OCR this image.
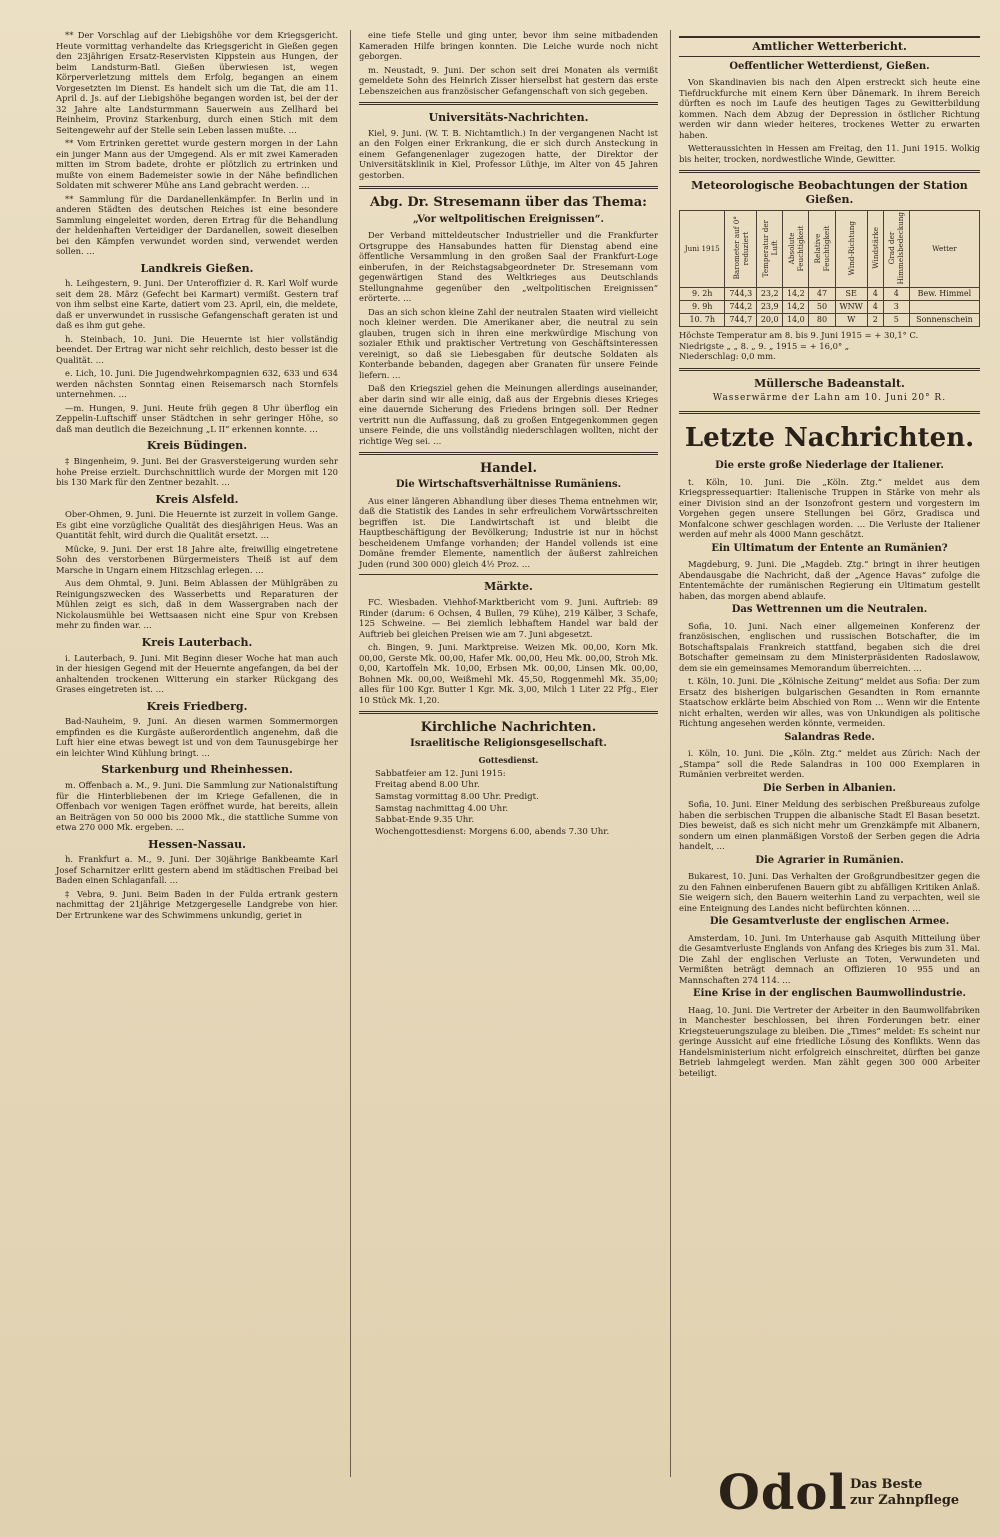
** Der Vorschlag auf der Liebigshöhe vor dem Kriegsgericht. Heute vormittag verhandelte das Kriegsgericht in Gießen gegen den 23jährigen Ersatz-Reservisten Kippstein aus Hungen, der beim Landsturm-Batl. Gießen überwiesen ist, wegen Körperverletzung mittels dem Erfolg, begangen an einem Vorgesetzten im Dienst. Es handelt sich um die Tat, die am 11. April d. Js. auf der Liebigshöhe begangen worden ist, bei der der 32 Jahre alte Landsturmmann Sauerwein aus Zellhard bei Reinheim, Provinz Starkenburg, durch einen Stich mit dem Seitengewehr auf der Stelle sein Leben lassen mußte. …

** Vom Ertrinken gerettet wurde gestern morgen in der Lahn ein junger Mann aus der Umgegend. Als er mit zwei Kameraden mitten im Strom badete, drohte er plötzlich zu ertrinken und mußte von einem Bademeister sowie in der Nähe befindlichen Soldaten mit schwerer Mühe ans Land gebracht werden. …

** Sammlung für die Dardanellenkämpfer. In Berlin und in anderen Städten des deutschen Reiches ist eine besondere Sammlung eingeleitet worden, deren Ertrag für die Behandlung der heldenhaften Verteidiger der Dardanellen, soweit dieselben bei den Kämpfen verwundet worden sind, verwendet werden sollen. …

Landkreis Gießen.

h. Leihgestern, 9. Juni. Der Unteroffizier d. R. Karl Wolf wurde seit dem 28. März (Gefecht bei Karmart) vermißt. Gestern traf von ihm selbst eine Karte, datiert vom 23. April, ein, die meldete, daß er unverwundet in russische Gefangenschaft geraten ist und daß es ihm gut gehe.

h. Steinbach, 10. Juni. Die Heuernte ist hier vollständig beendet. Der Ertrag war nicht sehr reichlich, desto besser ist die Qualität. …

e. Lich, 10. Juni. Die Jugendwehrkompagnien 632, 633 und 634 werden nächsten Sonntag einen Reisemarsch nach Stornfels unternehmen. …

—m. Hungen, 9. Juni. Heute früh gegen 8 Uhr überflog ein Zeppelin-Luftschiff unser Städtchen in sehr geringer Höhe, so daß man deutlich die Bezeichnung „L II“ erkennen konnte. …

Kreis Büdingen.

‡ Bingenheim, 9. Juni. Bei der Grasversteigerung wurden sehr hohe Preise erzielt. Durchschnittlich wurde der Morgen mit 120 bis 130 Mark für den Zentner bezahlt. …

Kreis Alsfeld.

Ober-Ohmen, 9. Juni. Die Heuernte ist zurzeit in vollem Gange. Es gibt eine vorzügliche Qualität des diesjährigen Heus. Was an Quantität fehlt, wird durch die Qualität ersetzt. …

Mücke, 9. Juni. Der erst 18 Jahre alte, freiwillig eingetretene Sohn des verstorbenen Bürgermeisters Theiß ist auf dem Marsche in Ungarn einem Hitzschlag erlegen. …

Aus dem Ohmtal, 9. Juni. Beim Ablassen der Mühlgräben zu Reinigungszwecken des Wasserbetts und Reparaturen der Mühlen zeigt es sich, daß in dem Wassergraben nach der Nickolausmühle bei Wettsaasen nicht eine Spur von Krebsen mehr zu finden war. …

Kreis Lauterbach.

i. Lauterbach, 9. Juni. Mit Beginn dieser Woche hat man auch in der hiesigen Gegend mit der Heuernte angefangen, da bei der anhaltenden trockenen Witterung ein starker Rückgang des Grases eingetreten ist. …

Kreis Friedberg.

Bad-Nauheim, 9. Juni. An diesen warmen Sommermorgen empfinden es die Kurgäste außerordentlich angenehm, daß die Luft hier eine etwas bewegt ist und von dem Taunusgebirge her ein leichter Wind Kühlung bringt. …

Starkenburg und Rheinhessen.

m. Offenbach a. M., 9. Juni. Die Sammlung zur Nationalstiftung für die Hinterbliebenen der im Kriege Gefallenen, die in Offenbach vor wenigen Tagen eröffnet wurde, hat bereits, allein an Beiträgen von 50 000 bis 2000 Mk., die stattliche Summe von etwa 270 000 Mk. ergeben. …

Hessen-Nassau.

h. Frankfurt a. M., 9. Juni. Der 30jährige Bankbeamte Karl Josef Scharnitzer erlitt gestern abend im städtischen Freibad bei Baden einen Schlaganfall. …

‡ Vebra, 9. Juni. Beim Baden in der Fulda ertrank gestern nachmittag der 21jährige Metzgergeselle Landgrebe von hier. Der Ertrunkene war des Schwimmens unkundig, geriet in

eine tiefe Stelle und ging unter, bevor ihm seine mitbadenden Kameraden Hilfe bringen konnten. Die Leiche wurde noch nicht geborgen.

m. Neustadt, 9. Juni. Der schon seit drei Monaten als vermißt gemeldete Sohn des Heinrich Zisser hierselbst hat gestern das erste Lebenszeichen aus französischer Gefangenschaft von sich gegeben.

Universitäts-Nachrichten.

Kiel, 9. Juni. (W. T. B. Nichtamtlich.) In der vergangenen Nacht ist an den Folgen einer Erkrankung, die er sich durch Ansteckung in einem Gefangenenlager zugezogen hatte, der Direktor der Universitätsklinik in Kiel, Professor Lüthje, im Alter von 45 Jahren gestorben.

Abg. Dr. Stresemann über das Thema:
„Vor weltpolitischen Ereignissen“.

Der Verband mitteldeutscher Industrieller und die Frankfurter Ortsgruppe des Hansabundes hatten für Dienstag abend eine öffentliche Versammlung in den großen Saal der Frankfurt-Loge einberufen, in der Reichstagsabgeordneter Dr. Stresemann vom gegenwärtigen Stand des Weltkrieges aus Deutschlands Stellungnahme gegenüber den „weltpolitischen Ereignissen“ erörterte. …

Das an sich schon kleine Zahl der neutralen Staaten wird vielleicht noch kleiner werden. Die Amerikaner aber, die neutral zu sein glauben, trugen sich in ihren eine merkwürdige Mischung von sozialer Ethik und praktischer Vertretung von Geschäftsinteressen vereinigt, so daß sie Liebesgaben für deutsche Soldaten als Konterbande bebanden, dagegen aber Granaten für unsere Feinde liefern. …

Daß den Kriegsziel gehen die Meinungen allerdings auseinander, aber darin sind wir alle einig, daß aus der Ergebnis dieses Krieges eine dauernde Sicherung des Friedens bringen soll. Der Redner vertritt nun die Auffassung, daß zu großen Entgegenkommen gegen unsere Feinde, die uns vollständig niederschlagen wollten, nicht der richtige Weg sei. …

Handel.
Die Wirtschaftsverhältnisse Rumäniens.

Aus einer längeren Abhandlung über dieses Thema entnehmen wir, daß die Statistik des Landes in sehr erfreulichem Vorwärtsschreiten begriffen ist. Die Landwirtschaft ist und bleibt die Hauptbeschäftigung der Bevölkerung; Industrie ist nur in höchst bescheidenem Umfange vorhanden; der Handel vollends ist eine Domäne fremder Elemente, namentlich der äußerst zahlreichen Juden (rund 300 000) gleich 4½ Proz. …

Märkte.

FC. Wiesbaden. Viehhof-Marktbericht vom 9. Juni. Auftrieb: 89 Rinder (darum: 6 Ochsen, 4 Bullen, 79 Kühe), 219 Kälber, 3 Schafe, 125 Schweine. — Bei ziemlich lebhaftem Handel war bald der Auftrieb bei gleichen Preisen wie am 7. Juni abgesetzt.

ch. Bingen, 9. Juni. Marktpreise. Weizen Mk. 00,00, Korn Mk. 00,00, Gerste Mk. 00,00, Hafer Mk. 00,00, Heu Mk. 00,00, Stroh Mk. 0,00, Kartoffeln Mk. 10,00, Erbsen Mk. 00,00, Linsen Mk. 00,00, Bohnen Mk. 00,00, Weißmehl Mk. 45,50, Roggenmehl Mk. 35,00; alles für 100 Kgr. Butter 1 Kgr. Mk. 3,00, Milch 1 Liter 22 Pfg., Eier 10 Stück Mk. 1,20.

Kirchliche Nachrichten.
Israelitische Religionsgesellschaft.
Gottesdienst.
Sabbatfeier am 12. Juni 1915:
Freitag abend 8.00 Uhr.
Samstag vormittag 8.00 Uhr. Predigt.
Samstag nachmittag 4.00 Uhr.
Sabbat-Ende 9.35 Uhr.
Wochengottesdienst: Morgens 6.00, abends 7.30 Uhr.
Amtlicher Wetterbericht.
Oeffentlicher Wetterdienst, Gießen.

Von Skandinavien bis nach den Alpen erstreckt sich heute eine Tiefdruckfurche mit einem Kern über Dänemark. In ihrem Bereich dürften es noch im Laufe des heutigen Tages zu Gewitterbildung kommen. Nach dem Abzug der Depression in östlicher Richtung werden wir dann wieder heiteres, trockenes Wetter zu erwarten haben.

Wetteraussichten in Hessen am Freitag, den 11. Juni 1915. Wolkig bis heiter, trocken, nordwestliche Winde, Gewitter.

Meteorologische Beobachtungen der Station Gießen.
Juni 1915	Barometer auf 0° reduziert	Temperatur der Luft	Absolute Feuchtigkeit	Relative Feuchtigkeit	Wind-Richtung	Windstärke	Grad der Himmelsbedeckung	Wetter
9. 2h	744,3	23,2	14,2	47	SE	4	4	Bew. Himmel
9. 9h	744,2	23,9	14,2	50	WNW	4	3	
10. 7h	744,7	20,0	14,0	80	W	2	5	Sonnenschein
Höchste Temperatur am 8. bis 9. Juni 1915 = + 30,1° C.
Niedrigste „ „ 8. „ 9. „ 1915 = + 16,0° „
Niederschlag: 0,0 mm.
Müllersche Badeanstalt.
Wasserwärme der Lahn am 10. Juni 20° R.
Letzte Nachrichten.
Die erste große Niederlage der Italiener.

t. Köln, 10. Juni. Die „Köln. Ztg.“ meldet aus dem Kriegspressequartier: Italienische Truppen in Stärke von mehr als einer Division sind an der Isonzofront gestern und vorgestern im Vorgehen gegen unsere Stellungen bei Görz, Gradisca und Monfalcone schwer geschlagen worden. … Die Verluste der Italiener werden auf mehr als 4000 Mann geschätzt.

Ein Ultimatum der Entente an Rumänien?

Magdeburg, 9. Juni. Die „Magdeb. Ztg.“ bringt in ihrer heutigen Abendausgabe die Nachricht, daß der „Agence Havas“ zufolge die Ententemächte der rumänischen Regierung ein Ultimatum gestellt haben, das morgen abend ablaufe.

Das Wettrennen um die Neutralen.

Sofia, 10. Juni. Nach einer allgemeinen Konferenz der französischen, englischen und russischen Botschafter, die im Botschaftspalais Frankreich stattfand, begaben sich die drei Botschafter gemeinsam zu dem Ministerpräsidenten Radoslawow, dem sie ein gemeinsames Memorandum überreichten. …

t. Köln, 10. Juni. Die „Kölnische Zeitung“ meldet aus Sofia: Der zum Ersatz des bisherigen bulgarischen Gesandten in Rom ernannte Staatschow erklärte beim Abschied von Rom … Wenn wir die Entente nicht erhalten, werden wir alles, was von Unkundigen als politische Richtung angesehen werden könnte, vermeiden.

Salandras Rede.

i. Köln, 10. Juni. Die „Köln. Ztg.“ meldet aus Zürich: Nach der „Stampa“ soll die Rede Salandras in 100 000 Exemplaren in Rumänien verbreitet werden.

Die Serben in Albanien.

Sofia, 10. Juni. Einer Meldung des serbischen Preßbureaus zufolge haben die serbischen Truppen die albanische Stadt El Basan besetzt. Dies beweist, daß es sich nicht mehr um Grenzkämpfe mit Albanern, sondern um einen planmäßigen Vorstoß der Serben gegen die Adria handelt, …

Die Agrarier in Rumänien.

Bukarest, 10. Juni. Das Verhalten der Großgrundbesitzer gegen die zu den Fahnen einberufenen Bauern gibt zu abfälligen Kritiken Anlaß. Sie weigern sich, den Bauern weiterhin Land zu verpachten, weil sie eine Enteignung des Landes nicht befürchten können. …

Die Gesamtverluste der englischen Armee.

Amsterdam, 10. Juni. Im Unterhause gab Asquith Mitteilung über die Gesamtverluste Englands von Anfang des Krieges bis zum 31. Mai. Die Zahl der englischen Verluste an Toten, Verwundeten und Vermißten beträgt demnach an Offizieren 10 955 und an Mannschaften 274 114. …

Eine Krise in der englischen Baumwollindustrie.

Haag, 10. Juni. Die Vertreter der Arbeiter in den Baumwollfabriken in Manchester beschlossen, bei ihren Forderungen betr. einer Kriegsteuerungszulage zu bleiben. Die „Times“ meldet: Es scheint nur geringe Aussicht auf eine friedliche Lösung des Konflikts. Wenn das Handelsministerium nicht erfolgreich einschreitet, dürften bei ganze Betrieb lahmgelegt werden. Man zählt gegen 300 000 Arbeiter beteiligt.

Odol Das Beste
zur Zahnpflege
